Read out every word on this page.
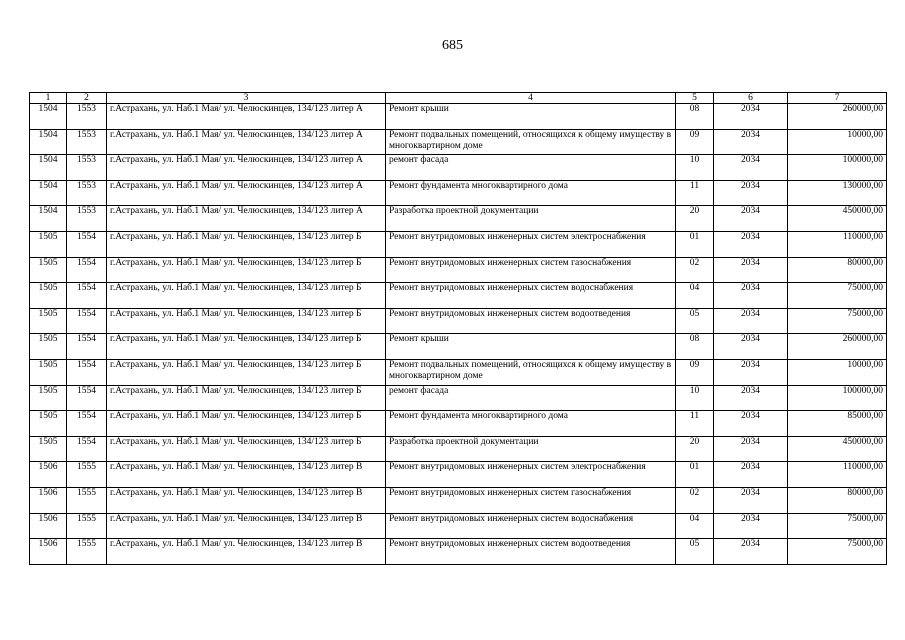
685
1	2	3	4	5	6	7
1504	1553	г.Астрахань, ул. Наб.1 Мая/ ул. Челюскинцев, 134/123 литер А	Ремонт крыши	08	2034	260000,00
1504	1553	г.Астрахань, ул. Наб.1 Мая/ ул. Челюскинцев, 134/123 литер А	Ремонт подвальных помещений, относящихся к общему имуществу в многоквартирном доме	09	2034	10000,00
1504	1553	г.Астрахань, ул. Наб.1 Мая/ ул. Челюскинцев, 134/123 литер А	ремонт фасада	10	2034	100000,00
1504	1553	г.Астрахань, ул. Наб.1 Мая/ ул. Челюскинцев, 134/123 литер А	Ремонт фундамента многоквартирного дома	11	2034	130000,00
1504	1553	г.Астрахань, ул. Наб.1 Мая/ ул. Челюскинцев, 134/123 литер А	Разработка проектной документации	20	2034	450000,00
1505	1554	г.Астрахань, ул. Наб.1 Мая/ ул. Челюскинцев, 134/123 литер Б	Ремонт внутридомовых инженерных систем электроснабжения	01	2034	110000,00
1505	1554	г.Астрахань, ул. Наб.1 Мая/ ул. Челюскинцев, 134/123 литер Б	Ремонт внутридомовых инженерных систем газоснабжения	02	2034	80000,00
1505	1554	г.Астрахань, ул. Наб.1 Мая/ ул. Челюскинцев, 134/123 литер Б	Ремонт внутридомовых инженерных систем водоснабжения	04	2034	75000,00
1505	1554	г.Астрахань, ул. Наб.1 Мая/ ул. Челюскинцев, 134/123 литер Б	Ремонт внутридомовых инженерных систем водоотведения	05	2034	75000,00
1505	1554	г.Астрахань, ул. Наб.1 Мая/ ул. Челюскинцев, 134/123 литер Б	Ремонт крыши	08	2034	260000,00
1505	1554	г.Астрахань, ул. Наб.1 Мая/ ул. Челюскинцев, 134/123 литер Б	Ремонт подвальных помещений, относящихся к общему имуществу в многоквартирном доме	09	2034	10000,00
1505	1554	г.Астрахань, ул. Наб.1 Мая/ ул. Челюскинцев, 134/123 литер Б	ремонт фасада	10	2034	100000,00
1505	1554	г.Астрахань, ул. Наб.1 Мая/ ул. Челюскинцев, 134/123 литер Б	Ремонт фундамента многоквартирного дома	11	2034	85000,00
1505	1554	г.Астрахань, ул. Наб.1 Мая/ ул. Челюскинцев, 134/123 литер Б	Разработка проектной документации	20	2034	450000,00
1506	1555	г.Астрахань, ул. Наб.1 Мая/ ул. Челюскинцев, 134/123 литер В	Ремонт внутридомовых инженерных систем электроснабжения	01	2034	110000,00
1506	1555	г.Астрахань, ул. Наб.1 Мая/ ул. Челюскинцев, 134/123 литер В	Ремонт внутридомовых инженерных систем газоснабжения	02	2034	80000,00
1506	1555	г.Астрахань, ул. Наб.1 Мая/ ул. Челюскинцев, 134/123 литер В	Ремонт внутридомовых инженерных систем водоснабжения	04	2034	75000,00
1506	1555	г.Астрахань, ул. Наб.1 Мая/ ул. Челюскинцев, 134/123 литер В	Ремонт внутридомовых инженерных систем водоотведения	05	2034	75000,00
